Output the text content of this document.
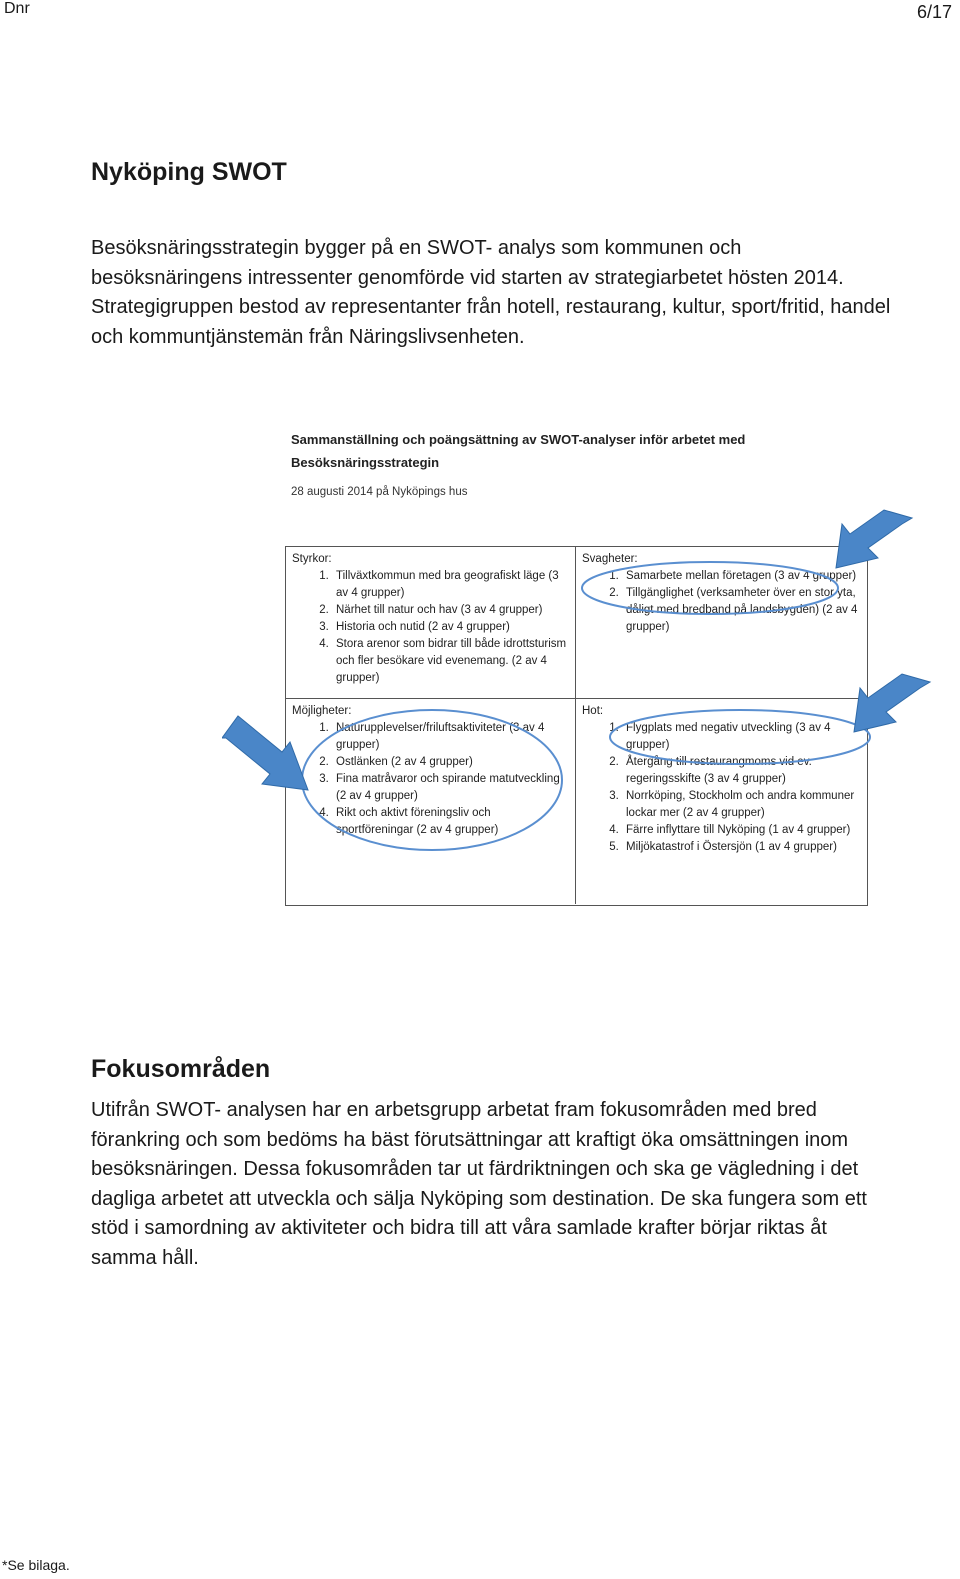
Dnr	6/17
Nyköping SWOT

Besöksnäringsstrategin bygger på en SWOT- analys som kommunen och besöksnäringens intressenter genomförde vid starten av strategiarbetet hösten 2014. Strategigruppen bestod av representanter från hotell, restaurang, kultur, sport/fritid, handel och kommuntjänstemän från Näringslivsenheten.

Sammanställning och poängsättning av SWOT-analyser inför arbetet med Besöksnäringsstrategin
28 augusti 2014 på Nyköpings hus
Styrkor:
1. Tillväxtkommun med bra geografiskt läge (3 av 4 grupper)
2. Närhet till natur och hav (3 av 4 grupper)
3. Historia och nutid (2 av 4 grupper)
4. Stora arenor som bidrar till både idrottsturism och fler besökare vid evenemang. (2 av 4 grupper)
Svagheter:
1. Samarbete mellan företagen (3 av 4 grupper)
2. Tillgänglighet (verksamheter över en stor yta, dåligt med bredband på landsbygden) (2 av 4 grupper)
Möjligheter:
1. Naturupplevelser/friluftsaktiviteter (3 av 4 grupper)
2. Ostlänken (2 av 4 grupper)
3. Fina matråvaror och spirande matutveckling (2 av 4 grupper)
4. Rikt och aktivt föreningsliv och sportföreningar (2 av 4 grupper)
Hot:
1. Flygplats med negativ utveckling (3 av 4 grupper)
2. Återgång till restaurangmoms vid ev. regeringsskifte (3 av 4 grupper)
3. Norrköping, Stockholm och andra kommuner lockar mer (2 av 4 grupper)
4. Färre inflyttare till Nyköping (1 av 4 grupper)
5. Miljökatastrof i Östersjön (1 av 4 grupper)
Fokusområden

Utifrån SWOT- analysen har en arbetsgrupp arbetat fram fokusområden med bred förankring och som bedöms ha bäst förutsättningar att kraftigt öka omsättningen inom besöksnäringen. Dessa fokusområden tar ut färdriktningen och ska ge vägledning i det dagliga arbetet att utveckla och sälja Nyköping som destination. De ska fungera som ett stöd i samordning av aktiviteter och bidra till att våra samlade krafter börjar riktas åt samma håll.

*Se bilaga.
